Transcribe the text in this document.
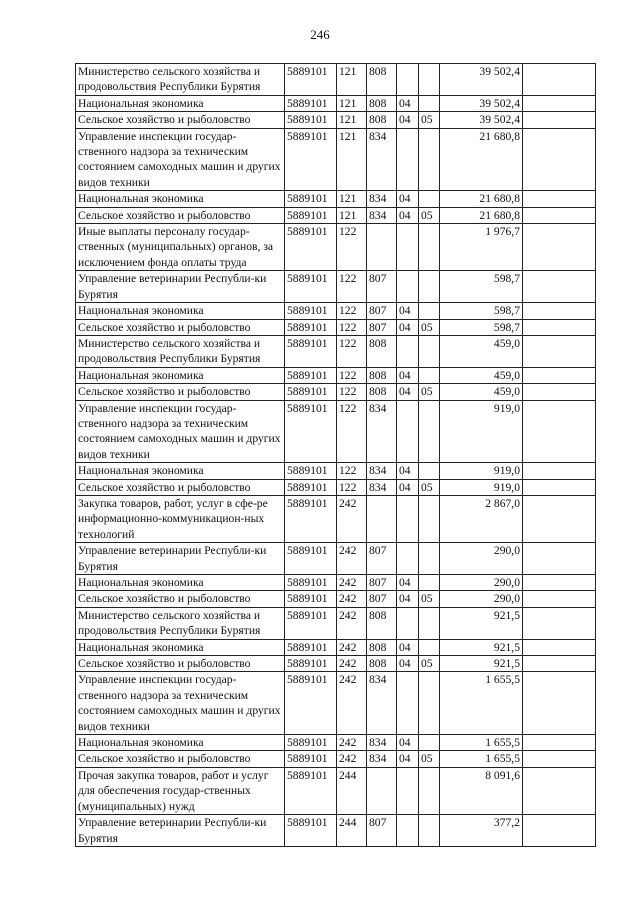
246
Министерство сельского хозяйства и продовольствия Республики Бурятия	5889101	121	808			39 502,4	
Национальная экономика	5889101	121	808	04		39 502,4	
Сельское хозяйство и рыболовство	5889101	121	808	04	05	39 502,4	
Управление инспекции государ-ственного надзора за техническим состоянием самоходных машин и других видов техники	5889101	121	834			21 680,8	
Национальная экономика	5889101	121	834	04		21 680,8	
Сельское хозяйство и рыболовство	5889101	121	834	04	05	21 680,8	
Иные выплаты персоналу государ-ственных (муниципальных) органов, за исключением фонда оплаты труда	5889101	122				1 976,7	
Управление ветеринарии Республи-ки Бурятия	5889101	122	807			598,7	
Национальная экономика	5889101	122	807	04		598,7	
Сельское хозяйство и рыболовство	5889101	122	807	04	05	598,7	
Министерство сельского хозяйства и продовольствия Республики Бурятия	5889101	122	808			459,0	
Национальная экономика	5889101	122	808	04		459,0	
Сельское хозяйство и рыболовство	5889101	122	808	04	05	459,0	
Управление инспекции государ-ственного надзора за техническим состоянием самоходных машин и других видов техники	5889101	122	834			919,0	
Национальная экономика	5889101	122	834	04		919,0	
Сельское хозяйство и рыболовство	5889101	122	834	04	05	919,0	
Закупка товаров, работ, услуг в сфе-ре информационно-коммуникацион-ных технологий	5889101	242				2 867,0	
Управление ветеринарии Республи-ки Бурятия	5889101	242	807			290,0	
Национальная экономика	5889101	242	807	04		290,0	
Сельское хозяйство и рыболовство	5889101	242	807	04	05	290,0	
Министерство сельского хозяйства и продовольствия Республики Бурятия	5889101	242	808			921,5	
Национальная экономика	5889101	242	808	04		921,5	
Сельское хозяйство и рыболовство	5889101	242	808	04	05	921,5	
Управление инспекции государ-ственного надзора за техническим состоянием самоходных машин и других видов техники	5889101	242	834			1 655,5	
Национальная экономика	5889101	242	834	04		1 655,5	
Сельское хозяйство и рыболовство	5889101	242	834	04	05	1 655,5	
Прочая закупка товаров, работ и услуг для обеспечения государ-ственных (муниципальных) нужд	5889101	244				8 091,6	
Управление ветеринарии Республи-ки Бурятия	5889101	244	807			377,2	
